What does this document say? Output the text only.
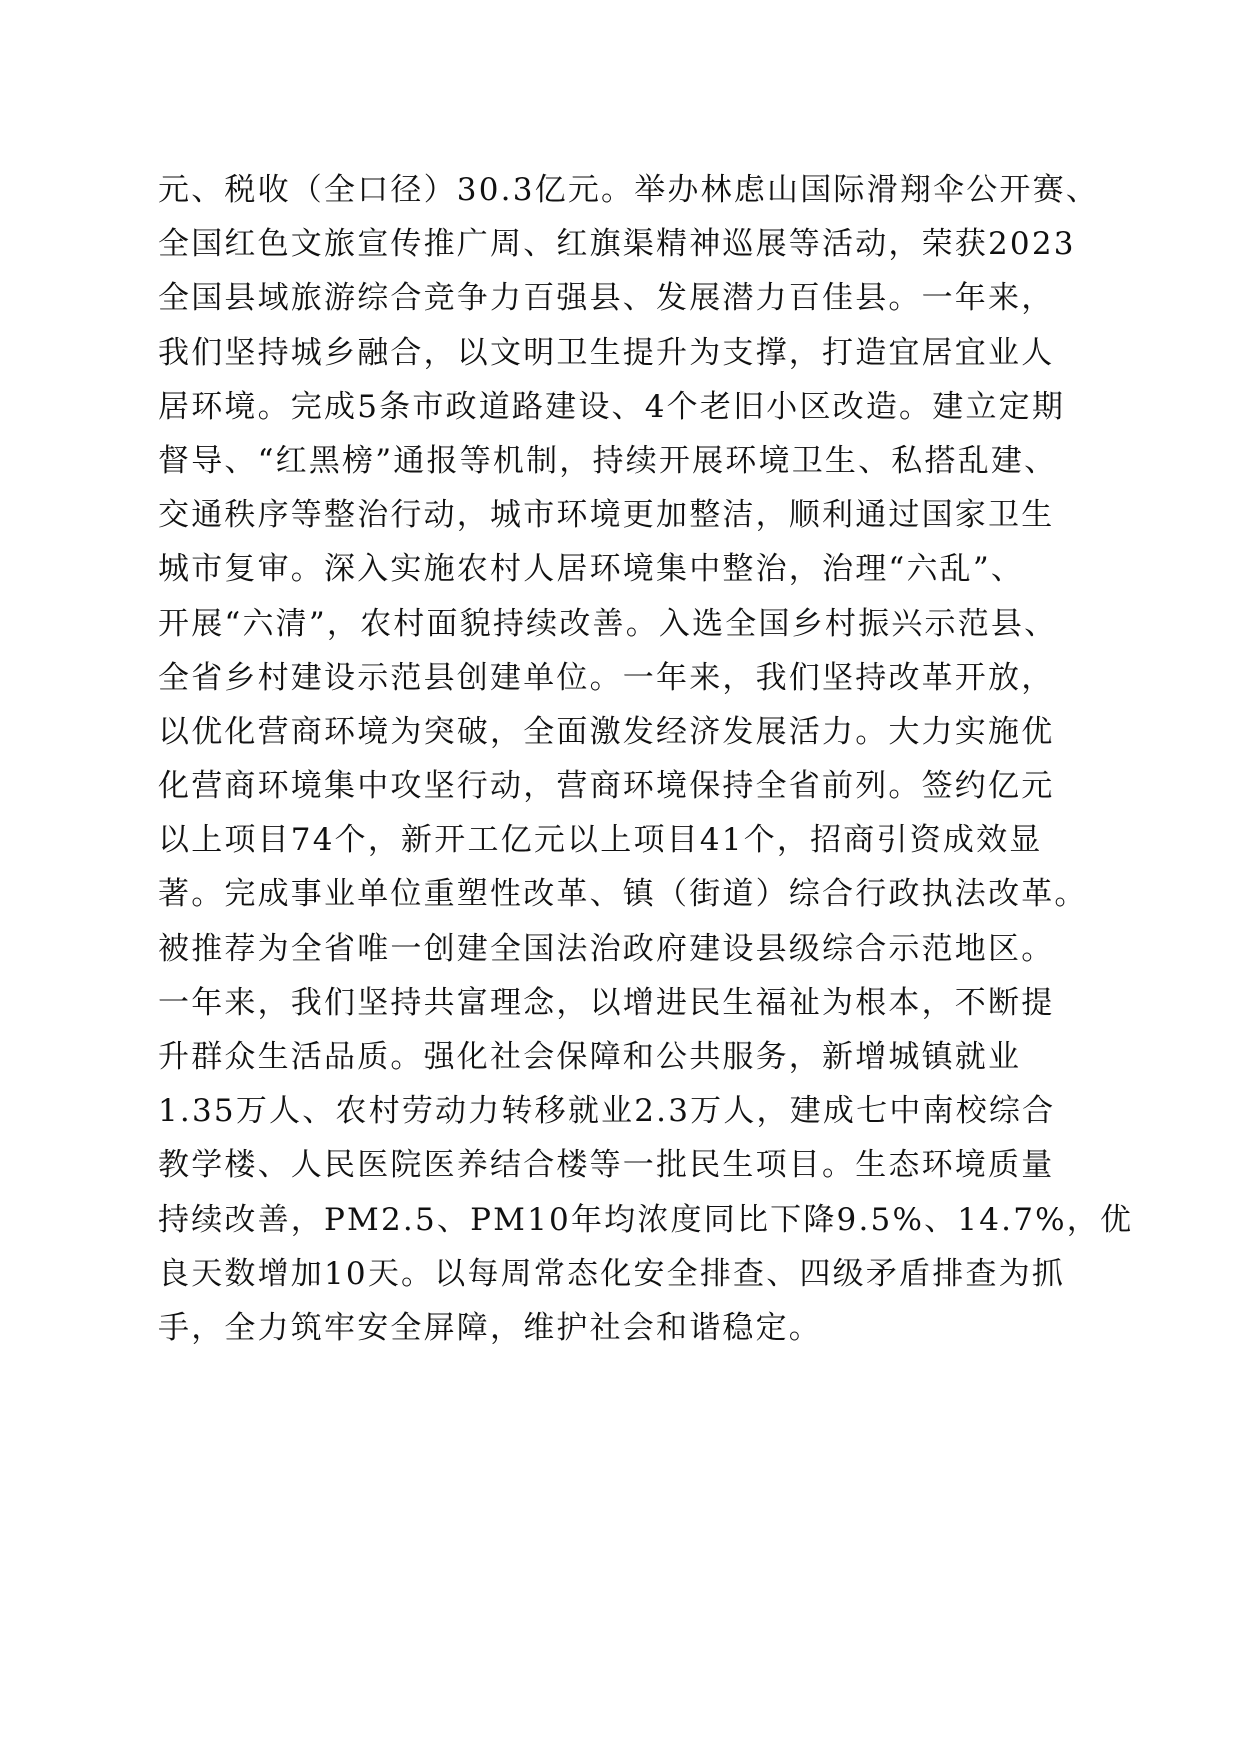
元、税收（全口径）30.3亿元。举办林虑山国际滑翔伞公开赛、
全国红色文旅宣传推广周、红旗渠精神巡展等活动，荣获2023
全国县域旅游综合竞争力百强县、发展潜力百佳县。一年来，
我们坚持城乡融合，以文明卫生提升为支撑，打造宜居宜业人
居环境。完成5条市政道路建设、4个老旧小区改造。建立定期
督导、“红黑榜”通报等机制，持续开展环境卫生、私搭乱建、
交通秩序等整治行动，城市环境更加整洁，顺利通过国家卫生
城市复审。深入实施农村人居环境集中整治，治理“六乱”、
开展“六清”，农村面貌持续改善。入选全国乡村振兴示范县、
全省乡村建设示范县创建单位。一年来，我们坚持改革开放，
以优化营商环境为突破，全面激发经济发展活力。大力实施优
化营商环境集中攻坚行动，营商环境保持全省前列。签约亿元
以上项目74个，新开工亿元以上项目41个，招商引资成效显
著。完成事业单位重塑性改革、镇（街道）综合行政执法改革。
被推荐为全省唯一创建全国法治政府建设县级综合示范地区。
一年来，我们坚持共富理念，以增进民生福祉为根本，不断提
升群众生活品质。强化社会保障和公共服务，新增城镇就业
1.35万人、农村劳动力转移就业2.3万人，建成七中南校综合
教学楼、人民医院医养结合楼等一批民生项目。生态环境质量
持续改善，PM2.5、PM10年均浓度同比下降9.5%、14.7%，优
良天数增加10天。以每周常态化安全排查、四级矛盾排查为抓
手，全力筑牢安全屏障，维护社会和谐稳定。
